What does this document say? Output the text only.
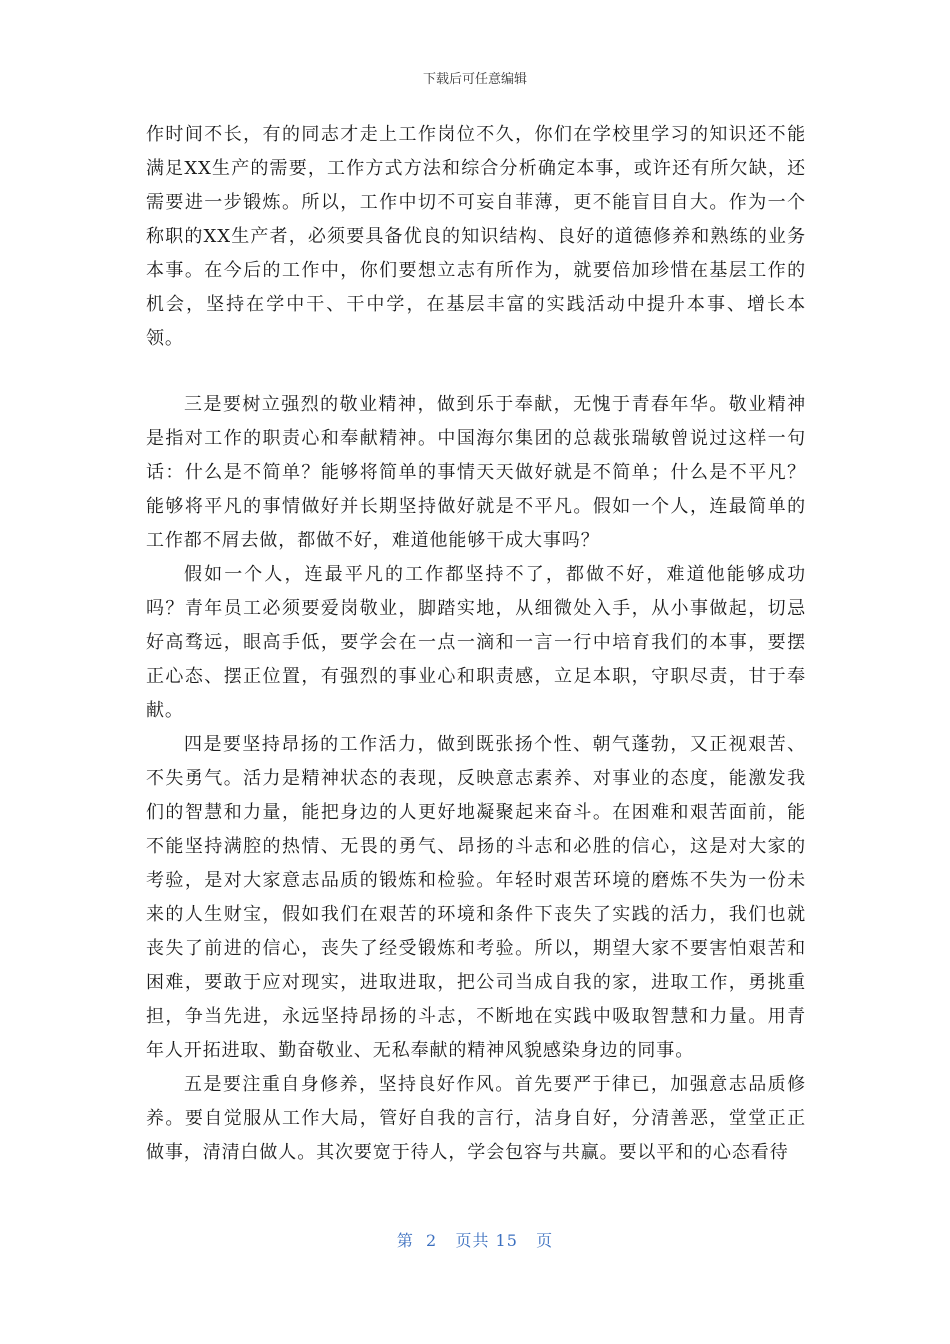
下载后可任意编辑

作时间不长，有的同志才走上工作岗位不久，你们在学校里学习的知识还不能满足XX生产的需要，工作方式方法和综合分析确定本事，或许还有所欠缺，还需要进一步锻炼。所以，工作中切不可妄自菲薄，更不能盲目自大。作为一个称职的XX生产者，必须要具备优良的知识结构、良好的道德修养和熟练的业务本事。在今后的工作中，你们要想立志有所作为，就要倍加珍惜在基层工作的机会，坚持在学中干、干中学，在基层丰富的实践活动中提升本事、增长本领。

三是要树立强烈的敬业精神，做到乐于奉献，无愧于青春年华。敬业精神是指对工作的职责心和奉献精神。中国海尔集团的总裁张瑞敏曾说过这样一句话：什么是不简单？能够将简单的事情天天做好就是不简单；什么是不平凡？能够将平凡的事情做好并长期坚持做好就是不平凡。假如一个人，连最简单的工作都不屑去做，都做不好，难道他能够干成大事吗？

假如一个人，连最平凡的工作都坚持不了，都做不好，难道他能够成功吗？青年员工必须要爱岗敬业，脚踏实地，从细微处入手，从小事做起，切忌好高骛远，眼高手低，要学会在一点一滴和一言一行中培育我们的本事，要摆正心态、摆正位置，有强烈的事业心和职责感，立足本职，守职尽责，甘于奉献。

四是要坚持昂扬的工作活力，做到既张扬个性、朝气蓬勃，又正视艰苦、不失勇气。活力是精神状态的表现，反映意志素养、对事业的态度，能激发我们的智慧和力量，能把身边的人更好地凝聚起来奋斗。在困难和艰苦面前，能不能坚持满腔的热情、无畏的勇气、昂扬的斗志和必胜的信心，这是对大家的考验，是对大家意志品质的锻炼和检验。年轻时艰苦环境的磨炼不失为一份未来的人生财宝，假如我们在艰苦的环境和条件下丧失了实践的活力，我们也就丧失了前进的信心，丧失了经受锻炼和考验。所以，期望大家不要害怕艰苦和困难，要敢于应对现实，进取进取，把公司当成自我的家，进取工作，勇挑重担，争当先进，永远坚持昂扬的斗志，不断地在实践中吸取智慧和力量。用青年人开拓进取、勤奋敬业、无私奉献的精神风貌感染身边的同事。

五是要注重自身修养，坚持良好作风。首先要严于律已，加强意志品质修养。要自觉服从工作大局，管好自我的言行，洁身自好，分清善恶，堂堂正正做事，清清白做人。其次要宽于待人，学会包容与共赢。要以平和的心态看待

第  2   页共 15   页
